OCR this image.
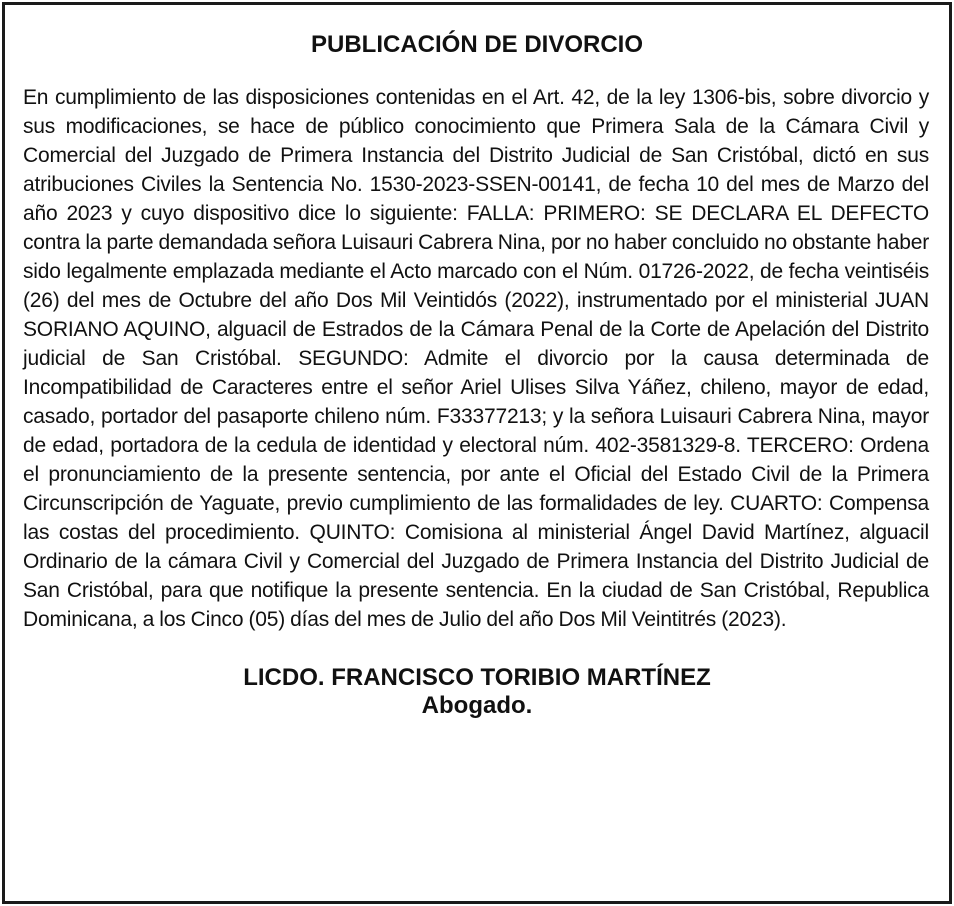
PUBLICACIÓN DE DIVORCIO

En cumplimiento de las disposiciones contenidas en el Art. 42, de la ley 1306-bis, sobre divorcio y sus modificaciones, se hace de público conocimiento que Primera Sala de la Cámara Civil y Comercial del Juzgado de Primera Instancia del Distrito Judicial de San Cristóbal, dictó en sus atribuciones Civiles la Sentencia No. 1530-2023-SSEN-00141, de fecha 10 del mes de Marzo del año 2023 y cuyo dispositivo dice lo siguiente: FALLA: PRIMERO: SE DECLARA EL DEFECTO contra la parte demandada señora Luisauri Cabrera Nina, por no haber concluido no obstante haber sido legalmente emplazada mediante el Acto marcado con el Núm. 01726-2022, de fecha veintiséis (26) del mes de Octubre del año Dos Mil Veintidós (2022), instrumentado por el ministerial JUAN SORIANO AQUINO, alguacil de Estrados de la Cámara Penal de la Corte de Apelación del Distrito judicial de San Cristóbal. SEGUNDO: Admite el divorcio por la causa determinada de Incompatibilidad de Caracteres entre el señor Ariel Ulises Silva Yáñez, chileno, mayor de edad, casado, portador del pasaporte chileno núm. F33377213; y la señora Luisauri Cabrera Nina, mayor de edad, portadora de la cedula de identidad y electoral núm. 402-3581329-8. TERCERO: Ordena el pronunciamiento de la presente sentencia, por ante el Oficial del Estado Civil de la Primera Circunscripción de Yaguate, previo cumplimiento de las formalidades de ley. CUARTO: Compensa las costas del procedimiento. QUINTO: Comisiona al ministerial Ángel David Martínez, alguacil Ordinario de la cámara Civil y Comercial del Juzgado de Primera Instancia del Distrito Judicial de San Cristóbal, para que notifique la presente sentencia. En la ciudad de San Cristóbal, Republica Dominicana, a los Cinco (05) días del mes de Julio del año Dos Mil Veintitrés (2023).

LICDO. FRANCISCO TORIBIO MARTÍNEZ
Abogado.
